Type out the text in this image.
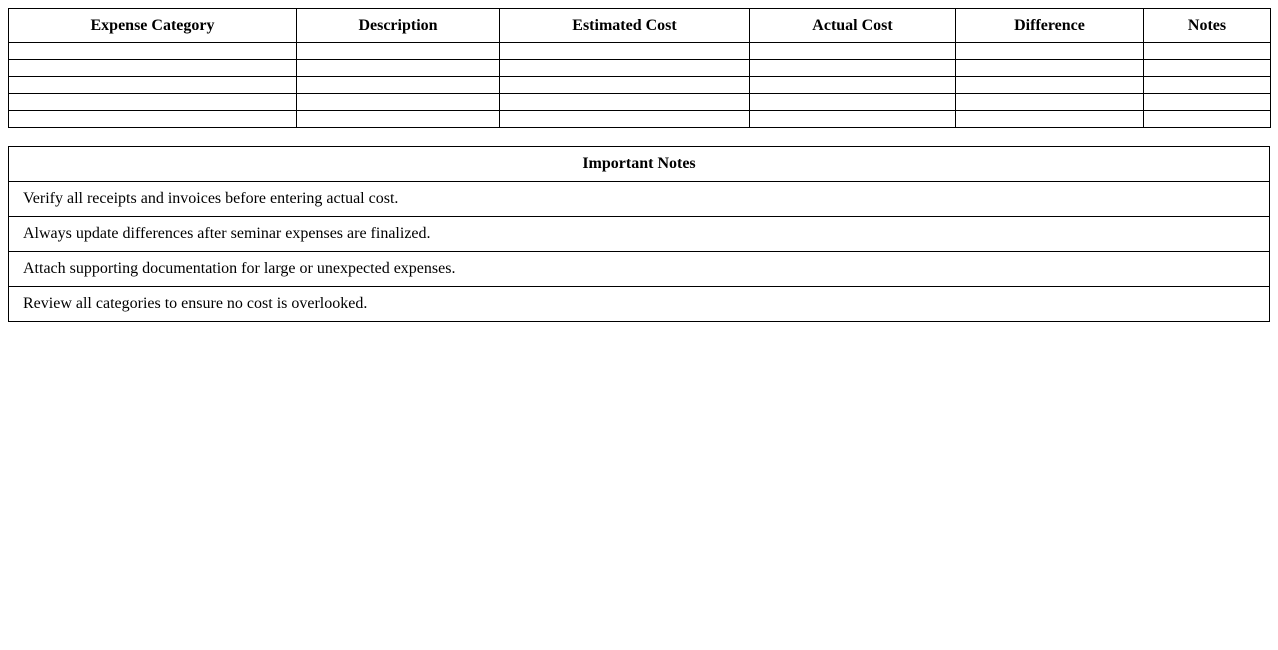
Expense Category	Description	Estimated Cost	Actual Cost	Difference	Notes

Important Notes
Verify all receipts and invoices before entering actual cost.
Always update differences after seminar expenses are finalized.
Attach supporting documentation for large or unexpected expenses.
Review all categories to ensure no cost is overlooked.
